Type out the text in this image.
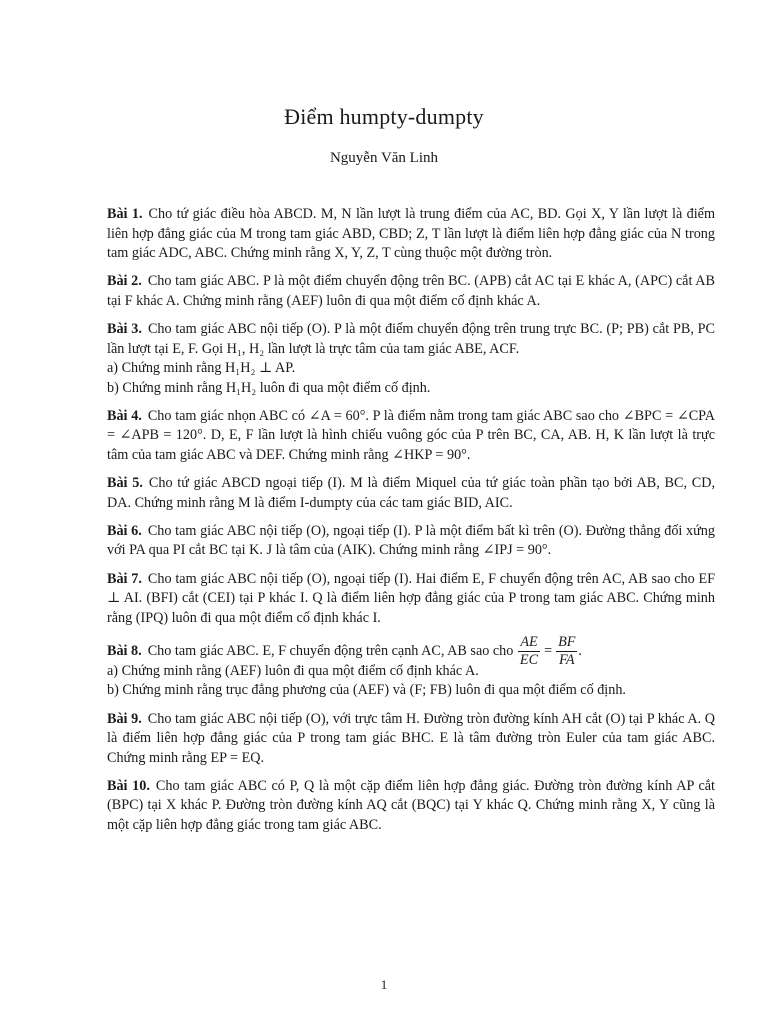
Điểm humpty-dumpty
Nguyễn Văn Linh

Bài 1. Cho tứ giác điều hòa ABCD. M, N lần lượt là trung điểm của AC, BD. Gọi X, Y lần lượt là điểm liên hợp đẳng giác của M trong tam giác ABD, CBD; Z, T lần lượt là điểm liên hợp đẳng giác của N trong tam giác ADC, ABC. Chứng minh rằng X, Y, Z, T cùng thuộc một đường tròn.

Bài 2. Cho tam giác ABC. P là một điểm chuyển động trên BC. (APB) cắt AC tại E khác A, (APC) cắt AB tại F khác A. Chứng minh rằng (AEF) luôn đi qua một điểm cố định khác A.

Bài 3. Cho tam giác ABC nội tiếp (O). P là một điểm chuyển động trên trung trực BC. (P; PB) cắt PB, PC lần lượt tại E, F. Gọi H₁, H₂ lần lượt là trực tâm của tam giác ABE, ACF.

a) Chứng minh rằng H₁H₂ ⊥ AP.

b) Chứng minh rằng H₁H₂ luôn đi qua một điểm cố định.

Bài 4. Cho tam giác nhọn ABC có ∠A = 60°. P là điểm nằm trong tam giác ABC sao cho ∠BPC = ∠CPA = ∠APB = 120°. D, E, F lần lượt là hình chiếu vuông góc của P trên BC, CA, AB. H, K lần lượt là trực tâm của tam giác ABC và DEF. Chứng minh rằng ∠HKP = 90°.

Bài 5. Cho tứ giác ABCD ngoại tiếp (I). M là điểm Miquel của tứ giác toàn phần tạo bởi AB, BC, CD, DA. Chứng minh rằng M là điểm I-dumpty của các tam giác BID, AIC.

Bài 6. Cho tam giác ABC nội tiếp (O), ngoại tiếp (I). P là một điểm bất kì trên (O). Đường thẳng đối xứng với PA qua PI cắt BC tại K. J là tâm của (AIK). Chứng minh rằng ∠IPJ = 90°.

Bài 7. Cho tam giác ABC nội tiếp (O), ngoại tiếp (I). Hai điểm E, F chuyển động trên AC, AB sao cho EF ⊥ AI. (BFI) cắt (CEI) tại P khác I. Q là điểm liên hợp đẳng giác của P trong tam giác ABC. Chứng minh rằng (IPQ) luôn đi qua một điểm cố định khác I.

Bài 8. Cho tam giác ABC. E, F chuyển động trên cạnh AC, AB sao cho $\frac{AE}{EC} = \frac{BF}{FA}$ .

a) Chứng minh rằng (AEF) luôn đi qua một điểm cố định khác A.

b) Chứng minh rằng trục đẳng phương của (AEF) và (F; FB) luôn đi qua một điểm cố định.

Bài 9. Cho tam giác ABC nội tiếp (O), với trực tâm H. Đường tròn đường kính AH cắt (O) tại P khác A. Q là điểm liên hợp đẳng giác của P trong tam giác BHC. E là tâm đường tròn Euler của tam giác ABC. Chứng minh rằng EP = EQ.

Bài 10. Cho tam giác ABC có P, Q là một cặp điểm liên hợp đẳng giác. Đường tròn đường kính AP cắt (BPC) tại X khác P. Đường tròn đường kính AQ cắt (BQC) tại Y khác Q. Chứng minh rằng X, Y cũng là một cặp liên hợp đẳng giác trong tam giác ABC.

1
